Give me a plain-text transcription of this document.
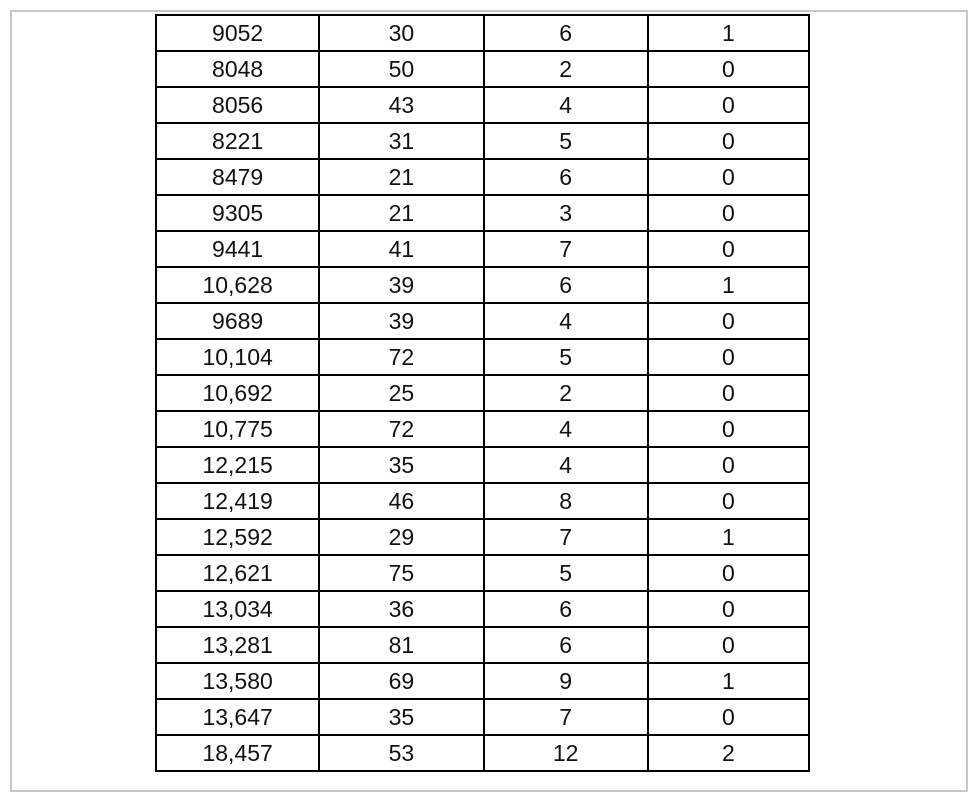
9052	30	6	1
8048	50	2	0
8056	43	4	0
8221	31	5	0
8479	21	6	0
9305	21	3	0
9441	41	7	0
10,628	39	6	1
9689	39	4	0
10,104	72	5	0
10,692	25	2	0
10,775	72	4	0
12,215	35	4	0
12,419	46	8	0
12,592	29	7	1
12,621	75	5	0
13,034	36	6	0
13,281	81	6	0
13,580	69	9	1
13,647	35	7	0
18,457	53	12	2
